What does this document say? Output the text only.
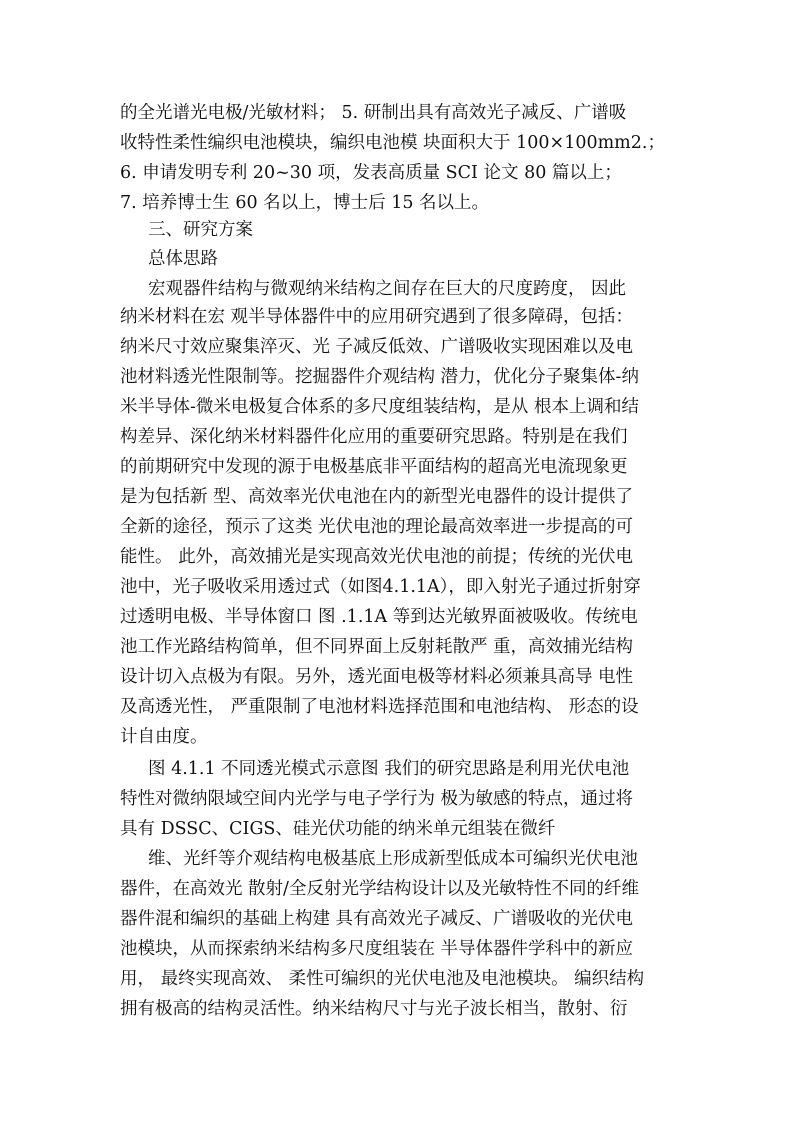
的全光谱光电极/光敏材料； 5. 研制出具有高效光子减反、广谱吸
收特性柔性编织电池模块，编织电池模 块面积大于 100×100mm2.；
6. 申请发明专利 20~30 项，发表高质量 SCI 论文 80 篇以上；
7. 培养博士生 60 名以上，博士后 15 名以上。
三、研究方案
总体思路
宏观器件结构与微观纳米结构之间存在巨大的尺度跨度， 因此
纳米材料在宏 观半导体器件中的应用研究遇到了很多障碍，包括：
纳米尺寸效应聚集淬灭、光 子减反低效、广谱吸收实现困难以及电
池材料透光性限制等。挖掘器件介观结构 潜力，优化分子聚集体-纳
米半导体-微米电极复合体系的多尺度组装结构，是从 根本上调和结
构差异、深化纳米材料器件化应用的重要研究思路。特别是在我们
的前期研究中发现的源于电极基底非平面结构的超高光电流现象更
是为包括新 型、高效率光伏电池在内的新型光电器件的设计提供了
全新的途径，预示了这类 光伏电池的理论最高效率进一步提高的可
能性。 此外，高效捕光是实现高效光伏电池的前提；传统的光伏电
池中，光子吸收采用透过式（如图4.1.1A），即入射光子通过折射穿
过透明电极、半导体窗口 图 .1.1A 等到达光敏界面被吸收。传统电
池工作光路结构简单，但不同界面上反射耗散严 重，高效捕光结构
设计切入点极为有限。另外，透光面电极等材料必须兼具高导 电性
及高透光性， 严重限制了电池材料选择范围和电池结构、 形态的设
计自由度。
图 4.1.1 不同透光模式示意图 我们的研究思路是利用光伏电池
特性对微纳限域空间内光学与电子学行为 极为敏感的特点，通过将
具有 DSSC、CIGS、硅光伏功能的纳米单元组装在微纤
维、光纤等介观结构电极基底上形成新型低成本可编织光伏电池
器件，在高效光 散射/全反射光学结构设计以及光敏特性不同的纤维
器件混和编织的基础上构建 具有高效光子减反、广谱吸收的光伏电
池模块，从而探索纳米结构多尺度组装在 半导体器件学科中的新应
用， 最终实现高效、 柔性可编织的光伏电池及电池模块。 编织结构
拥有极高的结构灵活性。纳米结构尺寸与光子波长相当，散射、衍
